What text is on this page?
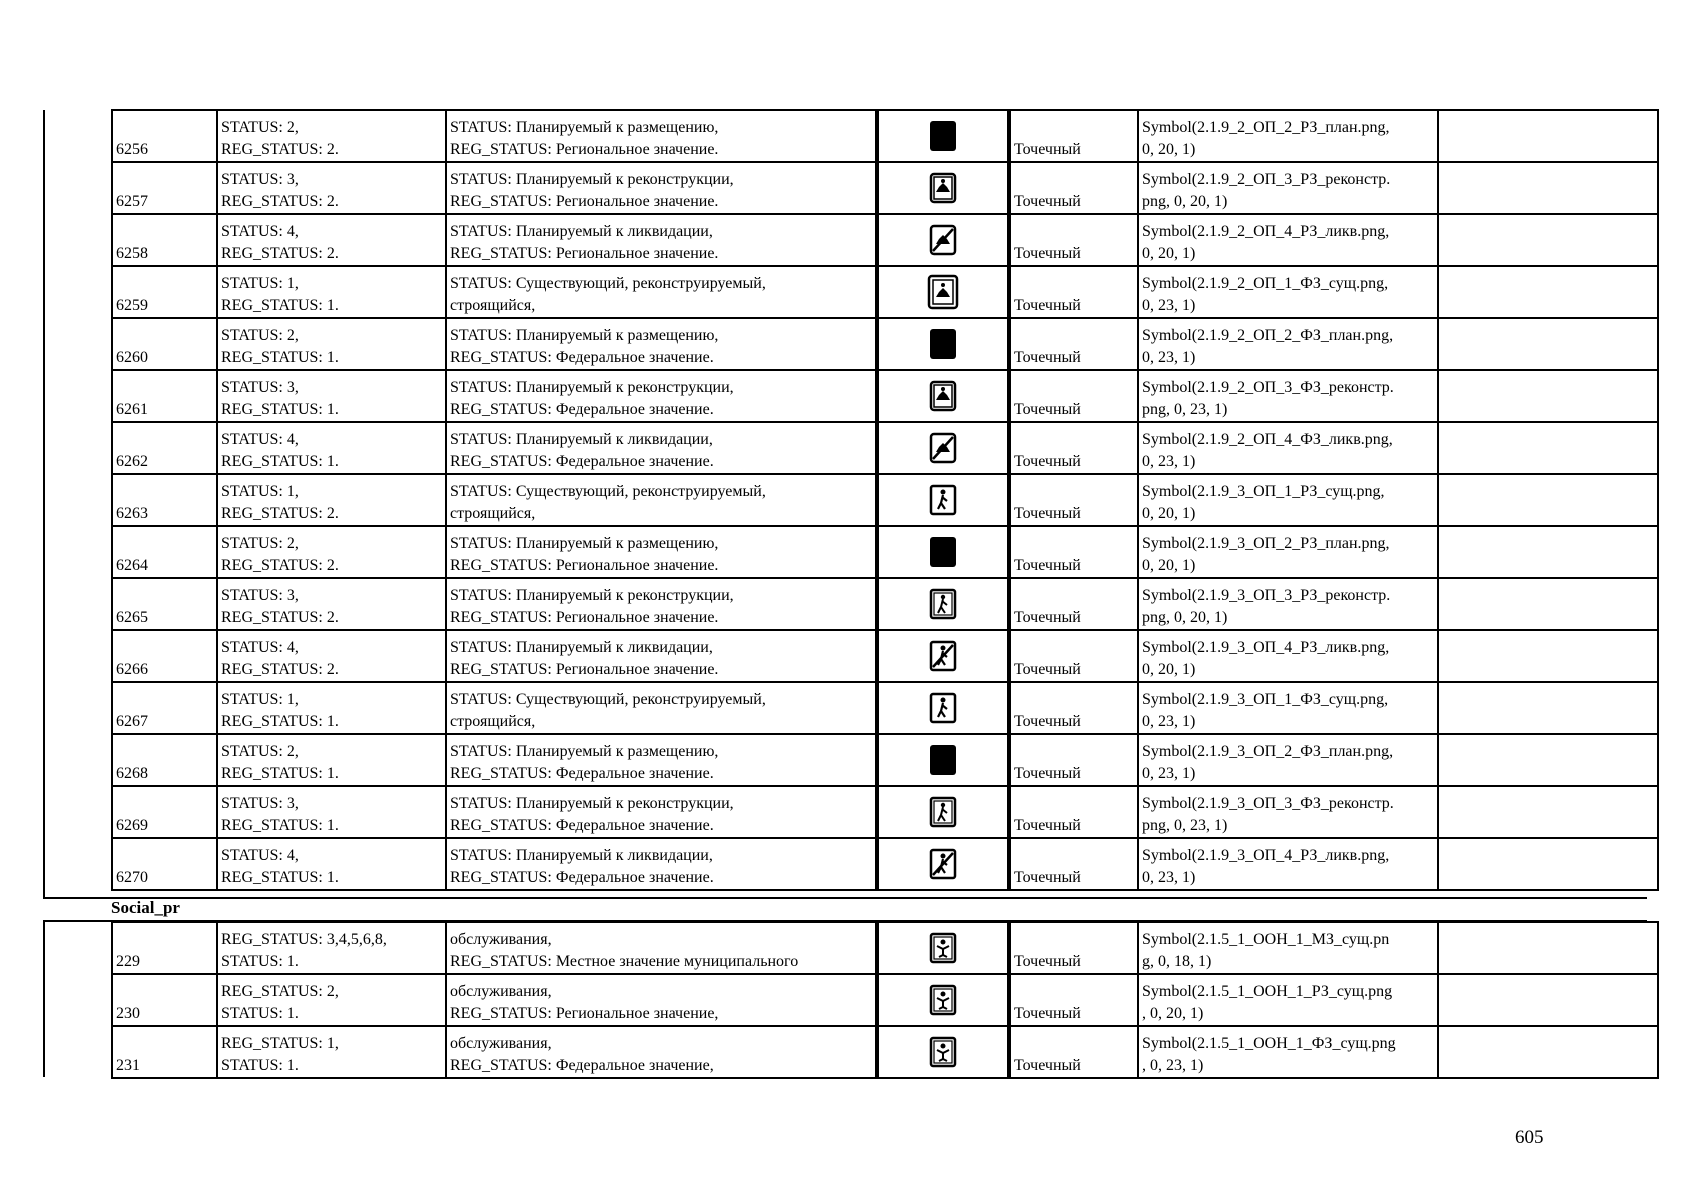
6256	STATUS: 2,
REG_STATUS: 2.	STATUS: Планируемый к размещению,
REG_STATUS: Региональное значение.		Точечный	Symbol(2.1.9_2_ОП_2_РЗ_план.png,
0, 20, 1)	

6257	STATUS: 3,
REG_STATUS: 2.	STATUS: Планируемый к реконструкции,
REG_STATUS: Региональное значение.		Точечный	Symbol(2.1.9_2_ОП_3_РЗ_реконстр.
png, 0, 20, 1)	

6258	STATUS: 4,
REG_STATUS: 2.	STATUS: Планируемый к ликвидации,
REG_STATUS: Региональное значение.		Точечный	Symbol(2.1.9_2_ОП_4_РЗ_ликв.png,
0, 20, 1)	

6259	STATUS: 1,
REG_STATUS: 1.	STATUS: Существующий, реконструируемый,
строящийся,		Точечный	Symbol(2.1.9_2_ОП_1_ФЗ_сущ.png,
0, 23, 1)	

6260	STATUS: 2,
REG_STATUS: 1.	STATUS: Планируемый к размещению,
REG_STATUS: Федеральное значение.		Точечный	Symbol(2.1.9_2_ОП_2_ФЗ_план.png,
0, 23, 1)	

6261	STATUS: 3,
REG_STATUS: 1.	STATUS: Планируемый к реконструкции,
REG_STATUS: Федеральное значение.		Точечный	Symbol(2.1.9_2_ОП_3_ФЗ_реконстр.
png, 0, 23, 1)	

6262	STATUS: 4,
REG_STATUS: 1.	STATUS: Планируемый к ликвидации,
REG_STATUS: Федеральное значение.		Точечный	Symbol(2.1.9_2_ОП_4_ФЗ_ликв.png,
0, 23, 1)	

6263	STATUS: 1,
REG_STATUS: 2.	STATUS: Существующий, реконструируемый,
строящийся,		Точечный	Symbol(2.1.9_3_ОП_1_РЗ_сущ.png,
0, 20, 1)	

6264	STATUS: 2,
REG_STATUS: 2.	STATUS: Планируемый к размещению,
REG_STATUS: Региональное значение.		Точечный	Symbol(2.1.9_3_ОП_2_РЗ_план.png,
0, 20, 1)	

6265	STATUS: 3,
REG_STATUS: 2.	STATUS: Планируемый к реконструкции,
REG_STATUS: Региональное значение.		Точечный	Symbol(2.1.9_3_ОП_3_РЗ_реконстр.
png, 0, 20, 1)	

6266	STATUS: 4,
REG_STATUS: 2.	STATUS: Планируемый к ликвидации,
REG_STATUS: Региональное значение.		Точечный	Symbol(2.1.9_3_ОП_4_РЗ_ликв.png,
0, 20, 1)	

6267	STATUS: 1,
REG_STATUS: 1.	STATUS: Существующий, реконструируемый,
строящийся,		Точечный	Symbol(2.1.9_3_ОП_1_ФЗ_сущ.png,
0, 23, 1)	

6268	STATUS: 2,
REG_STATUS: 1.	STATUS: Планируемый к размещению,
REG_STATUS: Федеральное значение.		Точечный	Symbol(2.1.9_3_ОП_2_ФЗ_план.png,
0, 23, 1)	

6269	STATUS: 3,
REG_STATUS: 1.	STATUS: Планируемый к реконструкции,
REG_STATUS: Федеральное значение.		Точечный	Symbol(2.1.9_3_ОП_3_ФЗ_реконстр.
png, 0, 23, 1)	

6270	STATUS: 4,
REG_STATUS: 1.	STATUS: Планируемый к ликвидации,
REG_STATUS: Федеральное значение.		Точечный	Symbol(2.1.9_3_ОП_4_РЗ_ликв.png,
0, 23, 1)	

Social_pr
229	REG_STATUS: 3,4,5,6,8,
STATUS: 1.	обслуживания,
REG_STATUS: Местное значение муниципального		Точечный	Symbol(2.1.5_1_ООН_1_МЗ_сущ.pn
g, 0, 18, 1)	

230	REG_STATUS: 2,
STATUS: 1.	обслуживания,
REG_STATUS: Региональное значение,		Точечный	Symbol(2.1.5_1_ООН_1_РЗ_сущ.png
, 0, 20, 1)	

231	REG_STATUS: 1,
STATUS: 1.	обслуживания,
REG_STATUS: Федеральное значение,		Точечный	Symbol(2.1.5_1_ООН_1_ФЗ_сущ.png
, 0, 23, 1)	

605
